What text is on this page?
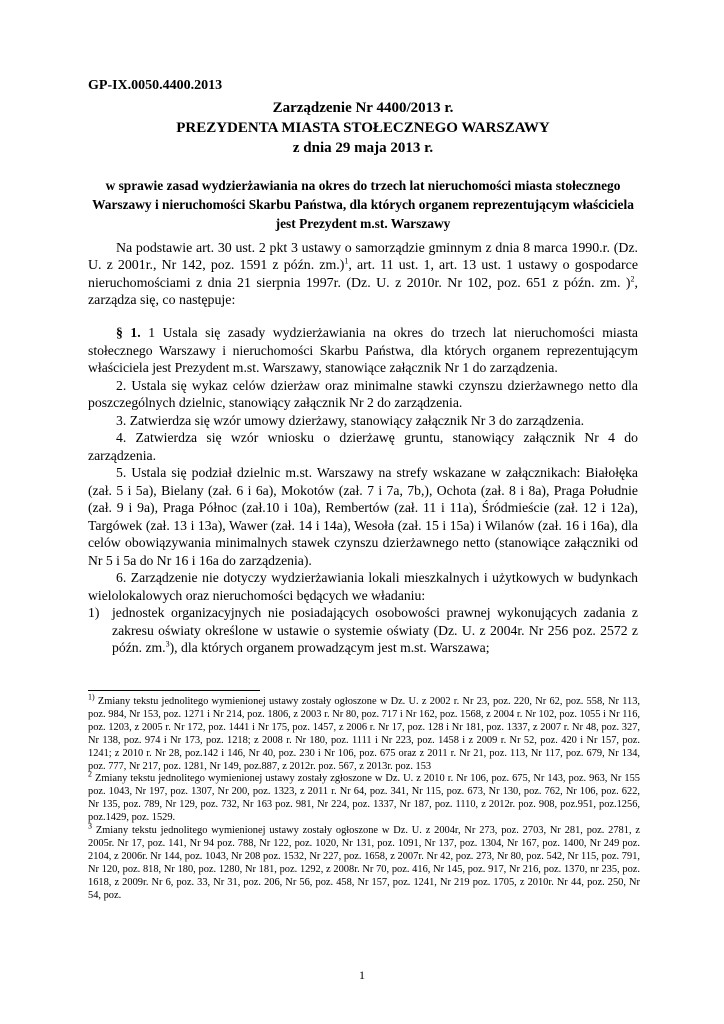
GP-IX.0050.4400.2013
Zarządzenie Nr 4400/2013 r.
PREZYDENTA MIASTA STOŁECZNEGO WARSZAWY
z dnia 29 maja 2013 r.
w sprawie zasad wydzierżawiania na okres do trzech lat nieruchomości miasta stołecznego Warszawy i nieruchomości Skarbu Państwa, dla których organem reprezentującym właściciela jest Prezydent m.st. Warszawy
Na podstawie art. 30 ust. 2 pkt 3 ustawy o samorządzie gminnym z dnia 8 marca 1990.r. (Dz. U. z 2001r., Nr 142, poz. 1591 z późn. zm.)$^1$, art. 11 ust. 1, art. 13 ust. 1 ustawy o gospodarce nieruchomościami z dnia 21 sierpnia 1997r. (Dz. U. z 2010r. Nr 102, poz. 651 z późn. zm. )$^2$, zarządza się, co następuje:

§ 1. 1 Ustala się zasady wydzierżawiania na okres do trzech lat nieruchomości miasta stołecznego Warszawy i nieruchomości Skarbu Państwa, dla których organem reprezentującym właściciela jest Prezydent m.st. Warszawy, stanowiące załącznik Nr 1 do zarządzenia.

2. Ustala się wykaz celów dzierżaw oraz minimalne stawki czynszu dzierżawnego netto dla poszczególnych dzielnic, stanowiący załącznik Nr 2 do zarządzenia.

3. Zatwierdza się wzór umowy dzierżawy, stanowiący załącznik Nr 3 do zarządzenia.

4. Zatwierdza się wzór wniosku o dzierżawę gruntu, stanowiący załącznik Nr 4 do zarządzenia.

5. Ustala się podział dzielnic m.st. Warszawy na strefy wskazane w załącznikach: Białołęka (zał. 5 i 5a), Bielany (zał. 6 i 6a), Mokotów (zał. 7 i 7a, 7b,), Ochota (zał. 8 i 8a), Praga Południe (zał. 9 i 9a), Praga Północ (zał.10 i 10a), Rembertów (zał. 11 i 11a), Śródmieście (zał. 12 i 12a), Targówek (zał. 13 i 13a), Wawer (zał. 14 i 14a), Wesoła (zał. 15 i 15a) i Wilanów (zał. 16 i 16a), dla celów obowiązywania minimalnych stawek czynszu dzierżawnego netto (stanowiące załączniki od Nr 5 i 5a do Nr 16 i 16a do zarządzenia).

6. Zarządzenie nie dotyczy wydzierżawiania lokali mieszkalnych i użytkowych w budynkach wielolokalowych oraz nieruchomości będących we władaniu:

1) jednostek organizacyjnych nie posiadających osobowości prawnej wykonujących zadania z zakresu oświaty określone w ustawie o systemie oświaty (Dz. U. z 2004r. Nr 256 poz. 2572 z późn. zm.$^3$), dla których organem prowadzącym jest m.st. Warszawa;

$^{1)}$ Zmiany tekstu jednolitego wymienionej ustawy zostały ogłoszone w Dz. U. z 2002 r. Nr 23, poz. 220, Nr 62, poz. 558, Nr 113, poz. 984, Nr 153, poz. 1271 i Nr 214, poz. 1806, z 2003 r. Nr 80, poz. 717 i Nr 162, poz. 1568, z 2004 r. Nr 102, poz. 1055 i Nr 116, poz. 1203, z 2005 r. Nr 172, poz. 1441 i Nr 175, poz. 1457, z 2006 r. Nr 17, poz. 128 i Nr 181, poz. 1337, z 2007 r. Nr 48, poz. 327, Nr 138, poz. 974 i Nr 173, poz. 1218; z 2008 r. Nr 180, poz. 1111 i Nr 223, poz. 1458 i z 2009 r. Nr 52, poz. 420 i Nr 157, poz. 1241; z 2010 r. Nr 28, poz.142 i 146, Nr 40, poz. 230 i Nr 106, poz. 675 oraz z 2011 r. Nr 21, poz. 113, Nr 117, poz. 679, Nr 134, poz. 777, Nr 217, poz. 1281, Nr 149, poz.887, z 2012r. poz. 567, z 2013r. poz. 153

$^2$ Zmiany tekstu jednolitego wymienionej ustawy zostały zgłoszone w Dz. U. z 2010 r. Nr 106, poz. 675, Nr 143, poz. 963, Nr 155 poz. 1043, Nr 197, poz. 1307, Nr 200, poz. 1323, z 2011 r. Nr 64, poz. 341, Nr 115, poz. 673, Nr 130, poz. 762, Nr 106, poz. 622, Nr 135, poz. 789, Nr 129, poz. 732, Nr 163 poz. 981, Nr 224, poz. 1337, Nr 187, poz. 1110, z 2012r. poz. 908, poz.951, poz.1256, poz.1429, poz. 1529.

$^3$ Zmiany tekstu jednolitego wymienionej ustawy zostały ogłoszone w Dz. U. z 2004r, Nr 273, poz. 2703, Nr 281, poz. 2781, z 2005r. Nr 17, poz. 141, Nr 94 poz. 788, Nr 122, poz. 1020, Nr 131, poz. 1091, Nr 137, poz. 1304, Nr 167, poz. 1400, Nr 249 poz. 2104, z 2006r. Nr 144, poz. 1043, Nr 208 poz. 1532, Nr 227, poz. 1658, z 2007r. Nr 42, poz. 273, Nr 80, poz. 542, Nr 115, poz. 791, Nr 120, poz. 818, Nr 180, poz. 1280, Nr 181, poz. 1292, z 2008r. Nr 70, poz. 416, Nr 145, poz. 917, Nr 216, poz. 1370, nr 235, poz. 1618, z 2009r. Nr 6, poz. 33, Nr 31, poz. 206, Nr 56, poz. 458, Nr 157, poz. 1241, Nr 219 poz. 1705, z 2010r. Nr 44, poz. 250, Nr 54, poz.

1
